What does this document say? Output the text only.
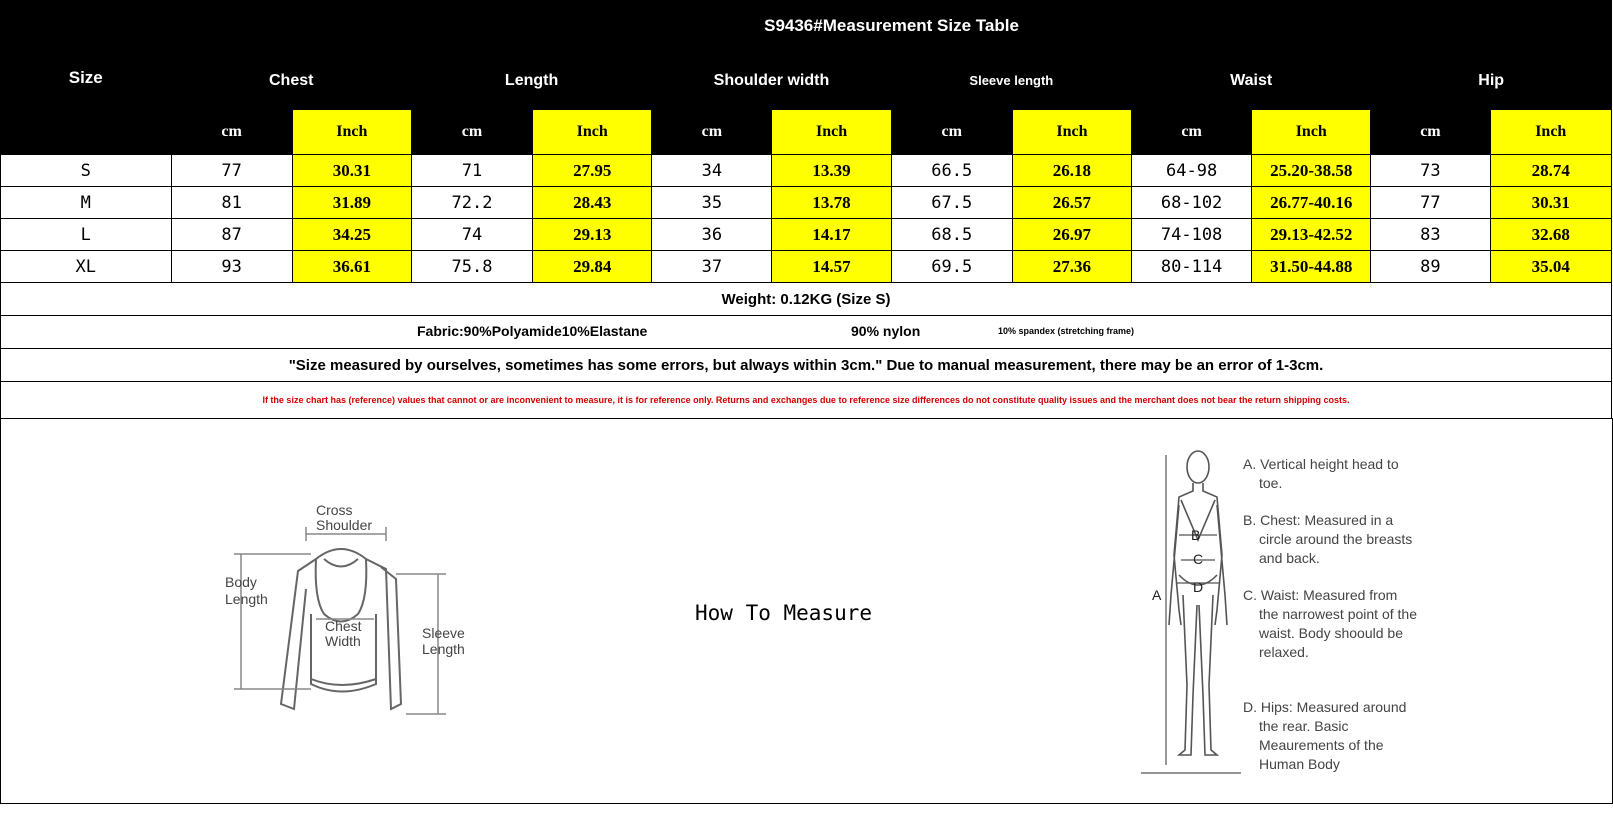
Size	S9436#Measurement Size Table											
	Chest		Length		Shoulder width		Sleeve length		Waist		Hip	
	cm	Inch	cm	Inch	cm	Inch	cm	Inch	cm	Inch	cm	Inch
S	77	30.31	71	27.95	34	13.39	66.5	26.18	64-98	25.20-38.58	73	28.74
M	81	31.89	72.2	28.43	35	13.78	67.5	26.57	68-102	26.77-40.16	77	30.31
L	87	34.25	74	29.13	36	14.17	68.5	26.97	74-108	29.13-42.52	83	32.68
XL	93	36.61	75.8	29.84	37	14.57	69.5	27.36	80-114	31.50-44.88	89	35.04
Weight: 0.12KG (Size S)												

Fabric:90%Polyamide10%Elastane 90% nylon 10% spandex (stretching frame)												

"Size measured by ourselves, sometimes has some errors, but always within 3cm." Due to manual measurement, there may be an error of 1-3cm.												
If the size chart has (reference) values that cannot or are inconvenient to measure, it is for reference only. Returns and exchanges due to reference size differences do not constitute quality issues and the merchant does not bear the return shipping costs.												
Cross
Shoulder
Body
Length
Chest
Width	Sleeve
Length
How To Measure
B
C
D
A
A. Vertical height head to toe.
B. Chest: Measured in a circle around the breasts and back.
C. Waist: Measured from the narrowest point of the waist. Body shoould be relaxed.
D. Hips: Measured around the rear. Basic Meaurements of the Human Body
